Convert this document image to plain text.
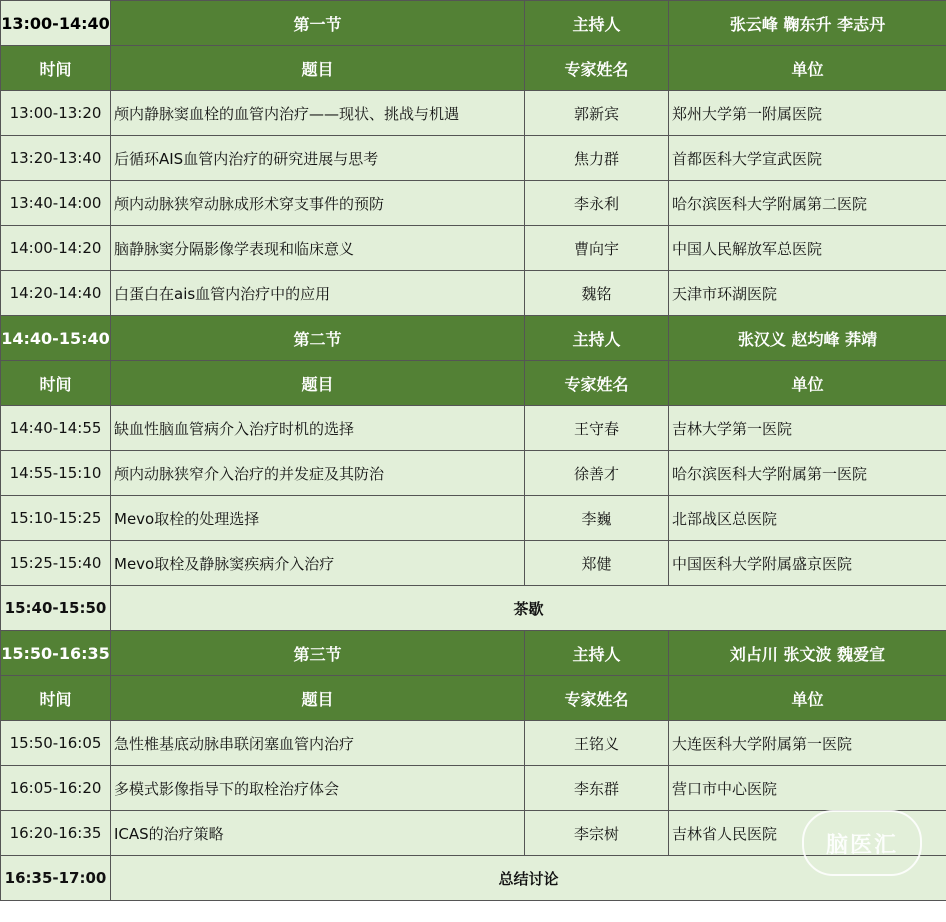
13:00-14:40	第一节	主持人	张云峰 鞠东升 李志丹
时间	题目	专家姓名	单位
13:00-13:20	颅内静脉窦血栓的血管内治疗——现状、挑战与机遇	郭新宾	郑州大学第一附属医院
13:20-13:40	后循环AIS血管内治疗的研究进展与思考	焦力群	首都医科大学宣武医院
13:40-14:00	颅内动脉狭窄动脉成形术穿支事件的预防	李永利	哈尔滨医科大学附属第二医院
14:00-14:20	脑静脉窦分隔影像学表现和临床意义	曹向宇	中国人民解放军总医院
14:20-14:40	白蛋白在ais血管内治疗中的应用	魏铭	天津市环湖医院
14:40-15:40	第二节	主持人	张汉义 赵均峰 莽靖
时间	题目	专家姓名	单位
14:40-14:55	缺血性脑血管病介入治疗时机的选择	王守春	吉林大学第一医院
14:55-15:10	颅内动脉狭窄介入治疗的并发症及其防治	徐善才	哈尔滨医科大学附属第一医院
15:10-15:25	Mevo取栓的处理选择	李巍	北部战区总医院
15:25-15:40	Mevo取栓及静脉窦疾病介入治疗	郑健	中国医科大学附属盛京医院
15:40-15:50	茶歇		
15:50-16:35	第三节	主持人	刘占川 张文波 魏爱宣
时间	题目	专家姓名	单位
15:50-16:05	急性椎基底动脉串联闭塞血管内治疗	王铭义	大连医科大学附属第一医院
16:05-16:20	多模式影像指导下的取栓治疗体会	李东群	营口市中心医院
16:20-16:35	ICAS的治疗策略	李宗树	吉林省人民医院
16:35-17:00	总结讨论		
脑医汇
